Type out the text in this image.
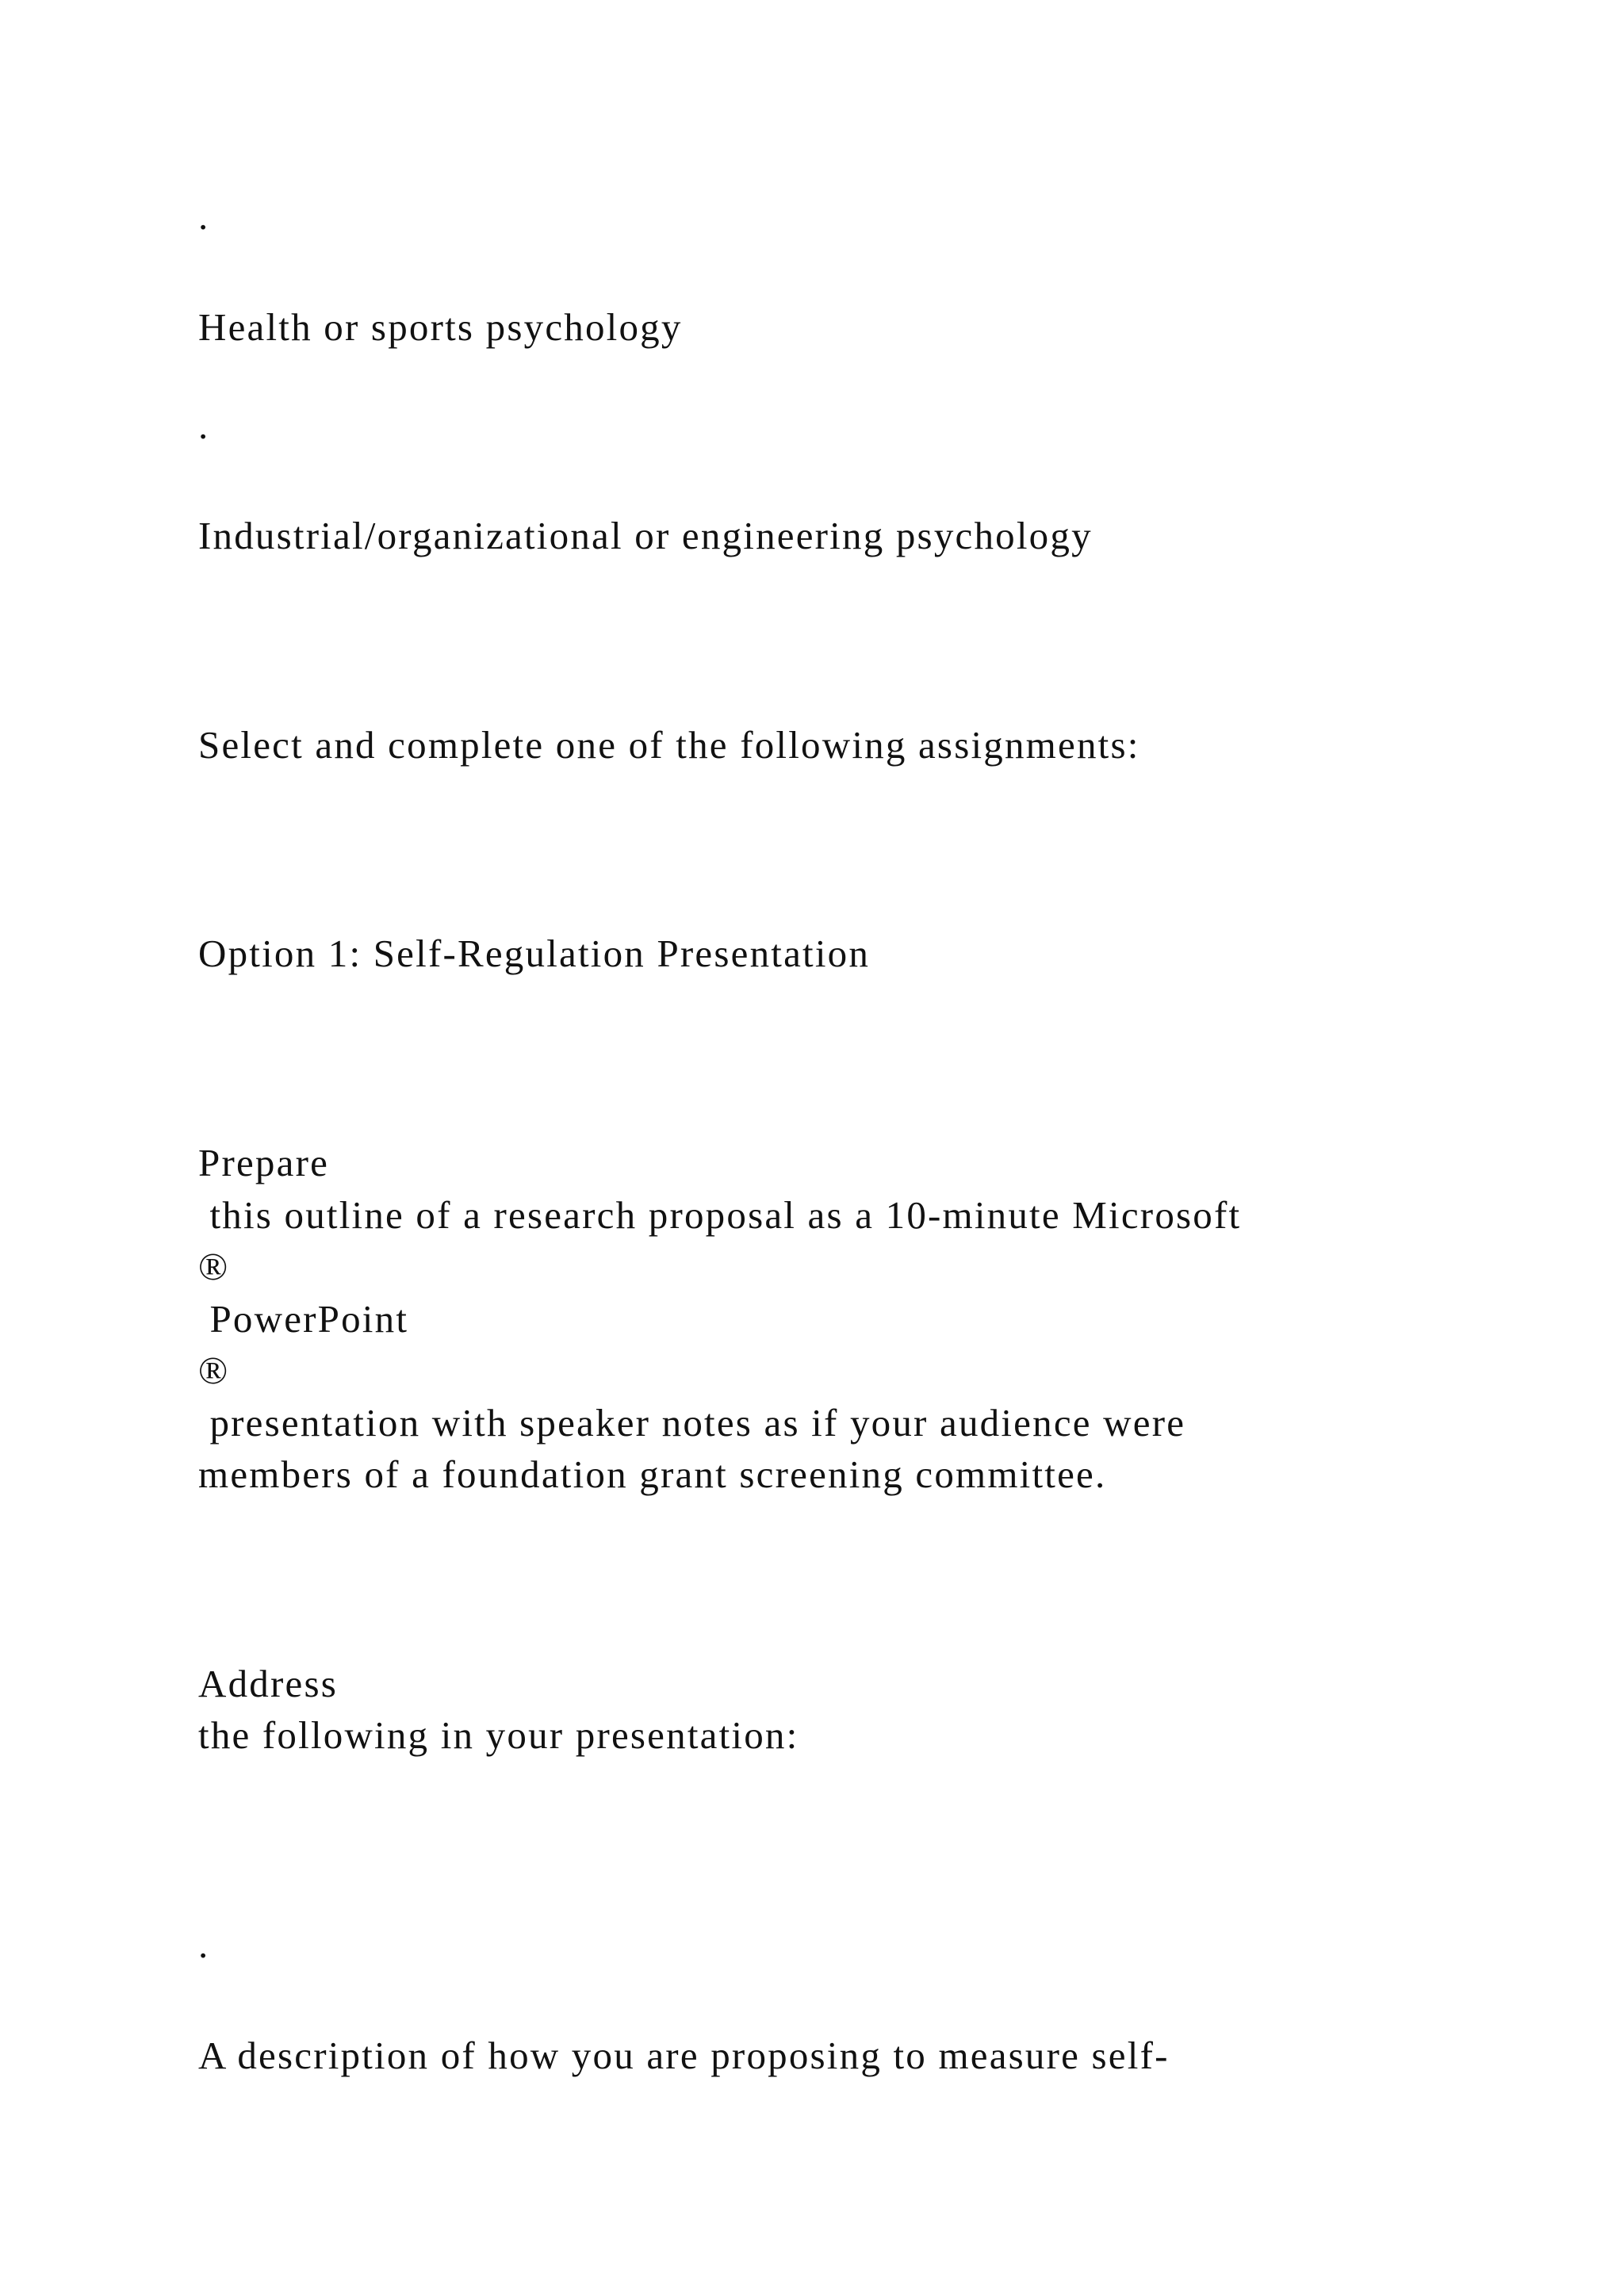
.

Health or sports psychology

.

Industrial/organizational or engineering psychology

Select and complete one of the following assignments:

Option 1: Self-Regulation Presentation

Prepare

this outline of a research proposal as a 10-minute Microsoft

®

PowerPoint

®

presentation with speaker notes as if your audience were

members of a foundation grant screening committee.

Address

the following in your presentation:

.

A description of how you are proposing to measure self-
